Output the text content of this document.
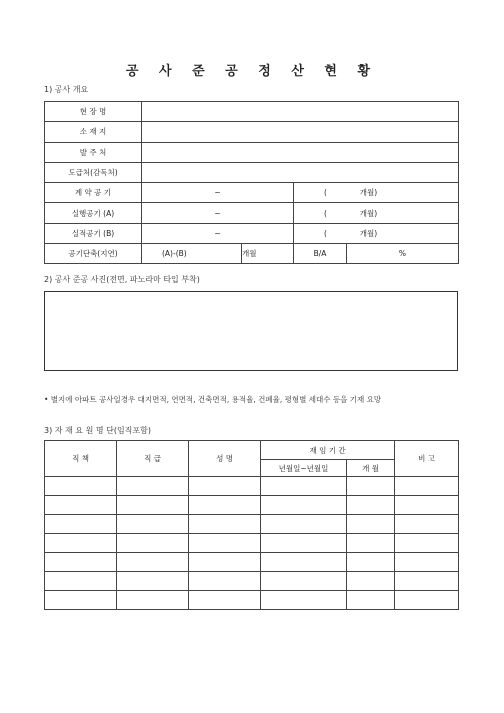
공 사 준 공 정 산 현 황
1) 공사 개요
현 장 명				
소 재 지				
발 주 처				
도급처(감독처)				
계 약 공 기	~		( 개월)	
실행공기 (A)	~		( 개월)	
실적공기 (B)	~		( 개월)	
공기단축(지연)	(A)-(B)	개월	B/A	%
2) 공사 준공 사진(전면, 파노라마 타입 부착)
• 별지에 아파트 공사일경우 대지면적, 연면적, 건축면적, 용적율, 건폐율, 평형별 세대수 등을 기재 요망
3) 자 재 요 원 명 단(임직포함)
직 책	직 급	성 명	재 임 기 간		비 고
			년월일~년월일	개 월	
